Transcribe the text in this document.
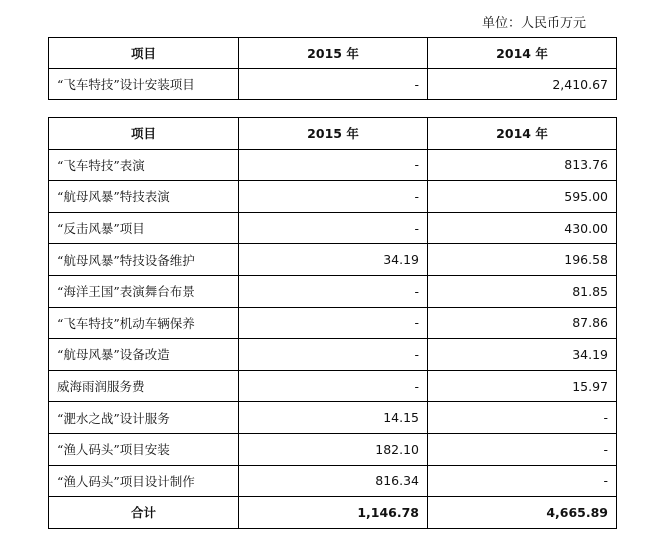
单位：人民币万元
项目	2015 年	2014 年
“飞车特技”设计安装项目	-	2,410.67
项目	2015 年	2014 年
“飞车特技”表演	-	813.76
“航母风暴”特技表演	-	595.00
“反击风暴”项目	-	430.00
“航母风暴”特技设备维护	34.19	196.58
“海洋王国”表演舞台布景	-	81.85
“飞车特技”机动车辆保养	-	87.86
“航母风暴”设备改造	-	34.19
威海雨润服务费	-	15.97
“淝水之战”设计服务	14.15	-
“渔人码头”项目安装	182.10	-
“渔人码头”项目设计制作	816.34	-
合计	1,146.78	4,665.89
